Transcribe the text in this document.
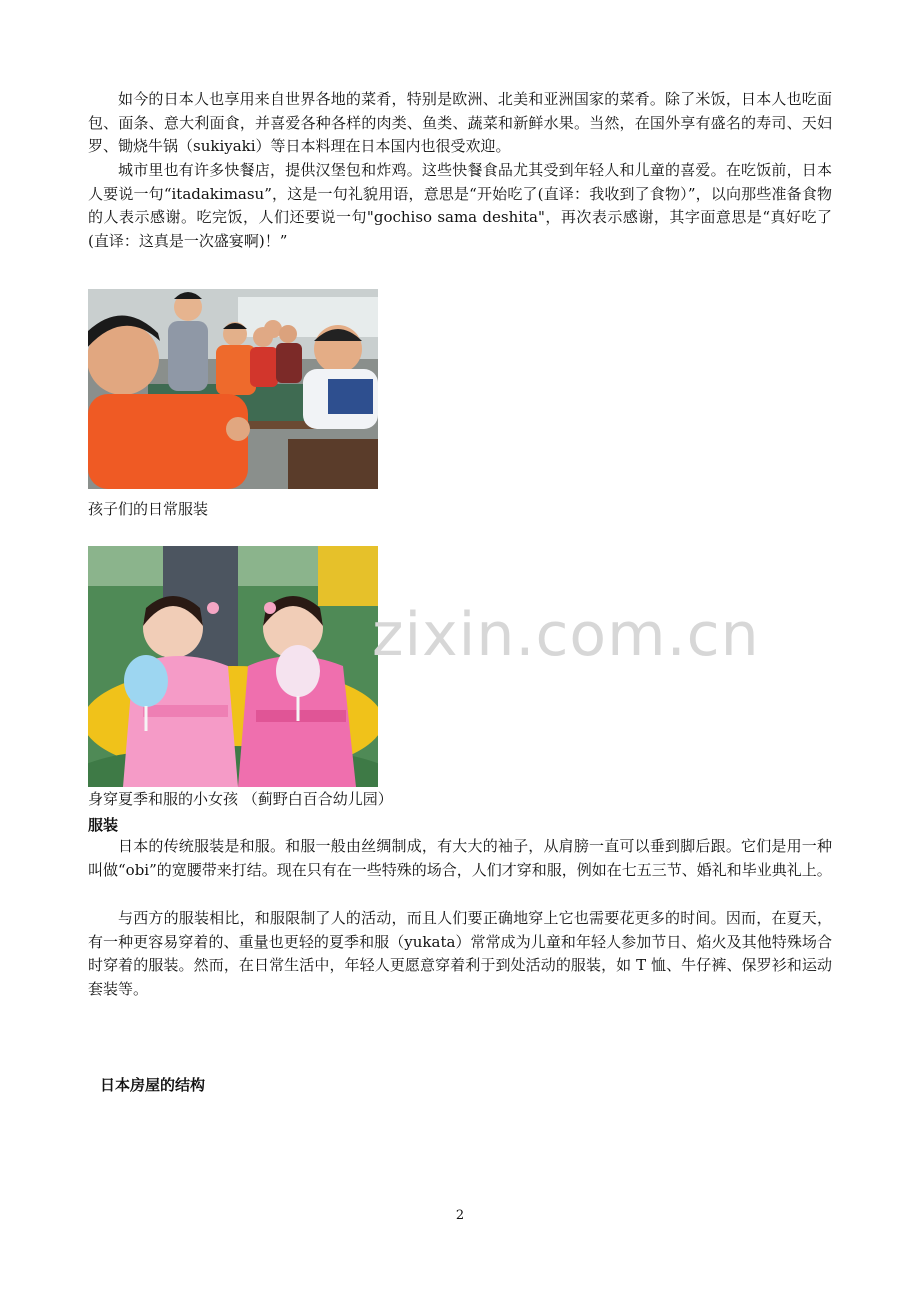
如今的日本人也享用来自世界各地的菜肴，特别是欧洲、北美和亚洲国家的菜肴。除了米饭，日本人也吃面包、面条、意大利面食，并喜爱各种各样的肉类、鱼类、蔬菜和新鲜水果。当然，在国外享有盛名的寿司、天妇罗、锄烧牛锅（sukiyaki）等日本料理在日本国内也很受欢迎。

城市里也有许多快餐店，提供汉堡包和炸鸡。这些快餐食品尤其受到年轻人和儿童的喜爱。在吃饭前，日本人要说一句“itadakimasu”，这是一句礼貌用语，意思是“开始吃了(直译：我收到了食物）”，以向那些准备食物的人表示感谢。吃完饭，人们还要说一句"gochiso sama deshita"，再次表示感谢，其字面意思是“真好吃了(直译：这真是一次盛宴啊)！”

孩子们的日常服装

身穿夏季和服的小女孩 （蓟野白百合幼儿园）

服装

日本的传统服装是和服。和服一般由丝绸制成，有大大的袖子，从肩膀一直可以垂到脚后跟。它们是用一种叫做“obi”的宽腰带来打结。现在只有在一些特殊的场合，人们才穿和服，例如在七五三节、婚礼和毕业典礼上。

与西方的服装相比，和服限制了人的活动，而且人们要正确地穿上它也需要花更多的时间。因而，在夏天，有一种更容易穿着的、重量也更轻的夏季和服（yukata）常常成为儿童和年轻人参加节日、焰火及其他特殊场合时穿着的服装。然而，在日常生活中，年轻人更愿意穿着利于到处活动的服装，如 T 恤、牛仔裤、保罗衫和运动套装等。

日本房屋的结构

zixin.com.cn
2
